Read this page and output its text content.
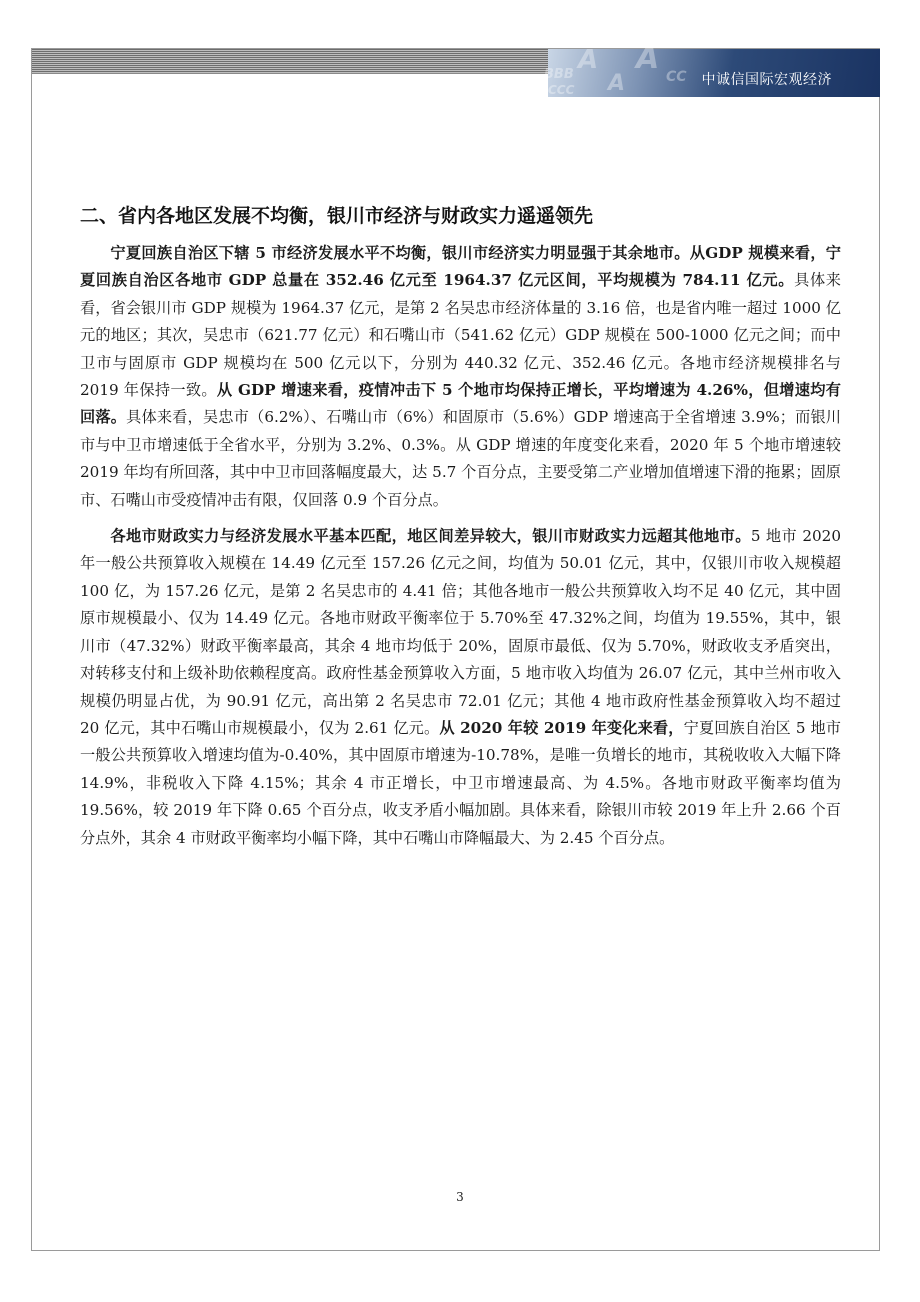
A A
BBB
CCC A	CC 中诚信国际宏观经济
二、省内各地区发展不均衡，银川市经济与财政实力遥遥领先

宁夏回族自治区下辖 5 市经济发展水平不均衡，银川市经济实力明显强于其余地市。从GDP 规模来看，宁夏回族自治区各地市 GDP 总量在 352.46 亿元至 1964.37 亿元区间，平均规模为 784.11 亿元。具体来看，省会银川市 GDP 规模为 1964.37 亿元，是第 2 名吴忠市经济体量的 3.16 倍，也是省内唯一超过 1000 亿元的地区；其次，吴忠市（621.77 亿元）和石嘴山市（541.62 亿元）GDP 规模在 500-1000 亿元之间；而中卫市与固原市 GDP 规模均在 500 亿元以下，分别为 440.32 亿元、352.46 亿元。各地市经济规模排名与 2019 年保持一致。从 GDP 增速来看，疫情冲击下 5 个地市均保持正增长，平均增速为 4.26%，但增速均有回落。具体来看，吴忠市（6.2%）、石嘴山市（6%）和固原市（5.6%）GDP 增速高于全省增速 3.9%；而银川市与中卫市增速低于全省水平，分别为 3.2%、0.3%。从 GDP 增速的年度变化来看，2020 年 5 个地市增速较 2019 年均有所回落，其中中卫市回落幅度最大，达 5.7 个百分点，主要受第二产业增加值增速下滑的拖累；固原市、石嘴山市受疫情冲击有限，仅回落 0.9 个百分点。

各地市财政实力与经济发展水平基本匹配，地区间差异较大，银川市财政实力远超其他地市。5 地市 2020 年一般公共预算收入规模在 14.49 亿元至 157.26 亿元之间，均值为 50.01 亿元，其中，仅银川市收入规模超 100 亿，为 157.26 亿元，是第 2 名吴忠市的 4.41 倍；其他各地市一般公共预算收入均不足 40 亿元，其中固原市规模最小、仅为 14.49 亿元。各地市财政平衡率位于 5.70%至 47.32%之间，均值为 19.55%，其中，银川市（47.32%）财政平衡率最高，其余 4 地市均低于 20%，固原市最低、仅为 5.70%，财政收支矛盾突出，对转移支付和上级补助依赖程度高。政府性基金预算收入方面，5 地市收入均值为 26.07 亿元，其中兰州市收入规模仍明显占优，为 90.91 亿元，高出第 2 名吴忠市 72.01 亿元；其他 4 地市政府性基金预算收入均不超过 20 亿元，其中石嘴山市规模最小，仅为 2.61 亿元。从 2020 年较 2019 年变化来看，宁夏回族自治区 5 地市一般公共预算收入增速均值为-0.40%，其中固原市增速为-10.78%，是唯一负增长的地市，其税收收入大幅下降 14.9%，非税收入下降 4.15%；其余 4 市正增长，中卫市增速最高、为 4.5%。各地市财政平衡率均值为 19.56%，较 2019 年下降 0.65 个百分点，收支矛盾小幅加剧。具体来看，除银川市较 2019 年上升 2.66 个百分点外，其余 4 市财政平衡率均小幅下降，其中石嘴山市降幅最大、为 2.45 个百分点。

3
